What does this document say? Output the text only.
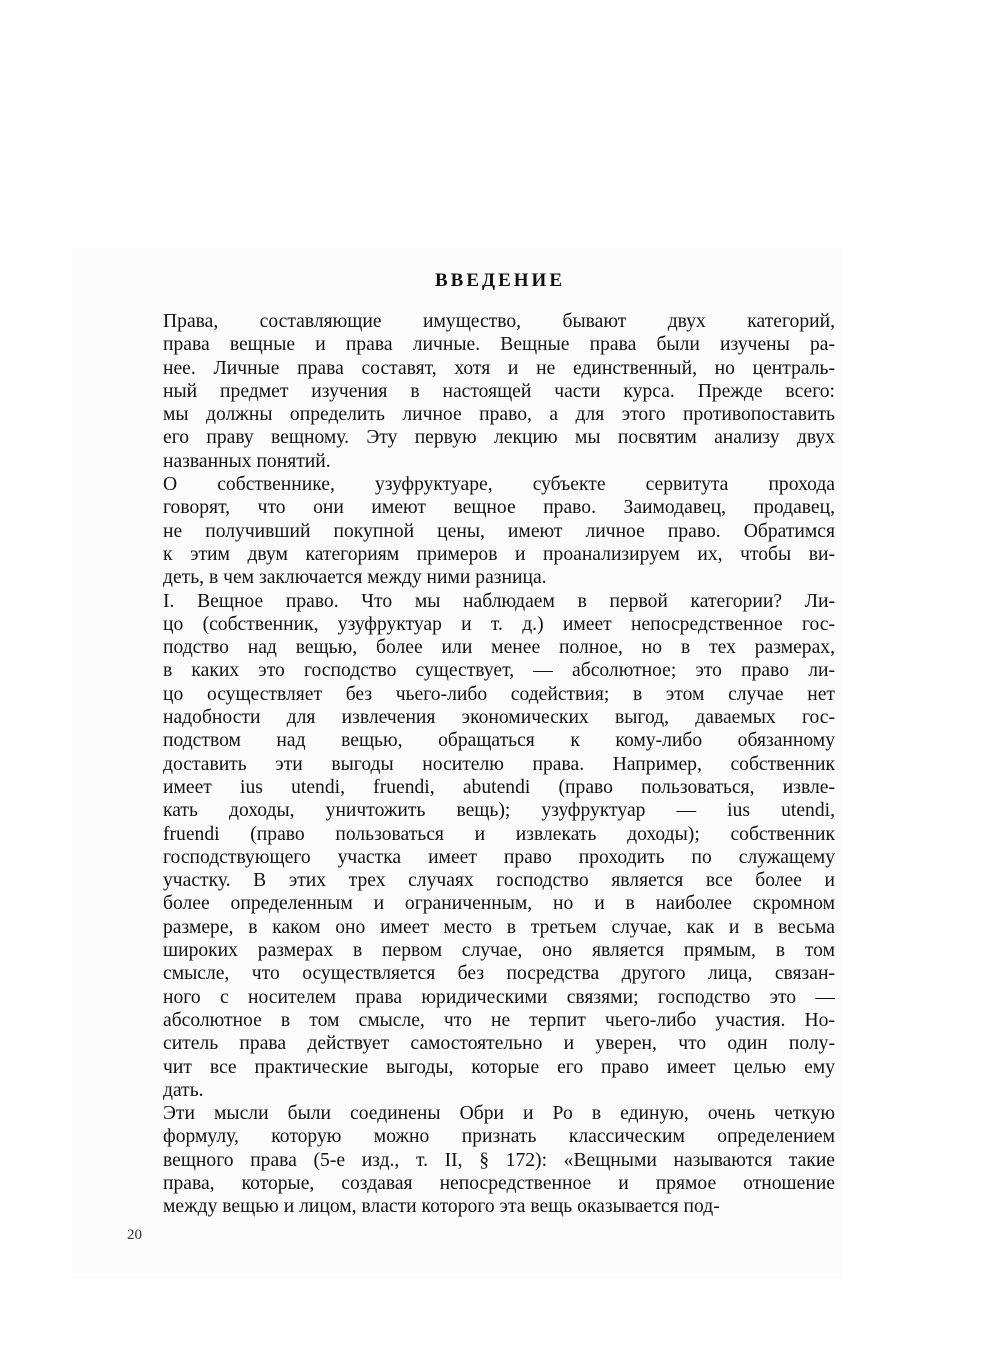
ВВЕДЕНИЕ
Права, составляющие имущество, бывают двух категорий,
права вещные и права личные. Вещные права были изучены ра-
нее. Личные права составят, хотя и не единственный, но централь-
ный предмет изучения в настоящей части курса. Прежде всего:
мы должны определить личное право, а для этого противопоставить
его праву вещному. Эту первую лекцию мы посвятим анализу двух
названных понятий.
О собственнике, узуфруктуаре, субъекте сервитута прохода
говорят, что они имеют вещное право. Заимодавец, продавец,
не получивший покупной цены, имеют личное право. Обратимся
к этим двум категориям примеров и проанализируем их, чтобы ви-
деть, в чем заключается между ними разница.
I. Вещное право. Что мы наблюдаем в первой категории? Ли-
цо (собственник, узуфруктуар и т. д.) имеет непосредственное гос-
подство над вещью, более или менее полное, но в тех размерах,
в каких это господство существует, — абсолютное; это право ли-
цо осуществляет без чьего-либо содействия; в этом случае нет
надобности для извлечения экономических выгод, даваемых гос-
подством над вещью, обращаться к кому-либо обязанному
доставить эти выгоды носителю права. Например, собственник
имеет ius utendi, fruendi, abutendi (право пользоваться, извле-
кать доходы, уничтожить вещь); узуфруктуар — ius utendi,
fruendi (право пользоваться и извлекать доходы); собственник
господствующего участка имеет право проходить по служащему
участку. В этих трех случаях господство является все более и
более определенным и ограниченным, но и в наиболее скромном
размере, в каком оно имеет место в третьем случае, как и в весьма
широких размерах в первом случае, оно является прямым, в том
смысле, что осуществляется без посредства другого лица, связан-
ного с носителем права юридическими связями; господство это —
абсолютное в том смысле, что не терпит чьего-либо участия. Но-
ситель права действует самостоятельно и уверен, что один полу-
чит все практические выгоды, которые его право имеет целью ему
дать.
Эти мысли были соединены Обри и Ро в единую, очень четкую
формулу, которую можно признать классическим определением
вещного права (5-е изд., т. II, § 172): «Вещными называются такие
права, которые, создавая непосредственное и прямое отношение
между вещью и лицом, власти которого эта вещь оказывается под-
20
